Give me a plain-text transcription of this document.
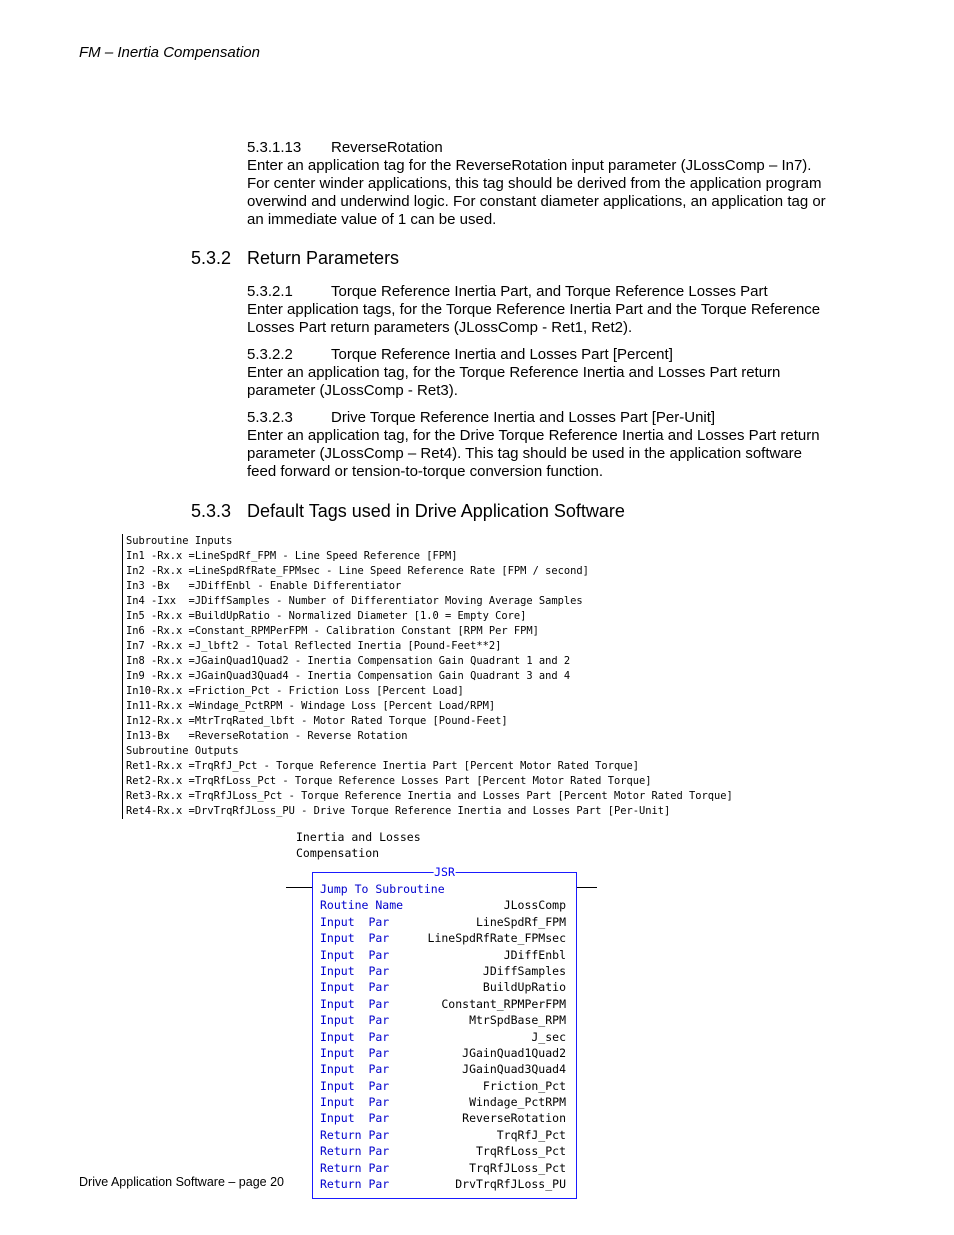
FM – Inertia Compensation
5.3.1.13 ReverseRotation
Enter an application tag for the ReverseRotation input parameter (JLossComp – In7). For center winder applications, this tag should be derived from the application program overwind and underwind logic. For constant diameter applications, an application tag or an immediate value of 1 can be used.
5.3.2 Return Parameters
5.3.2.1	Torque Reference Inertia Part, and Torque Reference Losses Part
Enter application tags, for the Torque Reference Inertia Part and the Torque Reference Losses Part return parameters (JLossComp - Ret1, Ret2).
5.3.2.2	Torque Reference Inertia and Losses Part [Percent]
Enter an application tag, for the Torque Reference Inertia and Losses Part return parameter (JLossComp - Ret3).
5.3.2.3	Drive Torque Reference Inertia and Losses Part [Per-Unit]
Enter an application tag, for the Drive Torque Reference Inertia and Losses Part return parameter (JLossComp – Ret4). This tag should be used in the application software feed forward or tension-to-torque conversion function.
5.3.3 Default Tags used in Drive Application Software
Subroutine Inputs
In1 -Rx.x =LineSpdRf_FPM - Line Speed Reference [FPM]
In2 -Rx.x =LineSpdRfRate_FPMsec - Line Speed Reference Rate [FPM / second]
In3 -Bx   =JDiffEnbl - Enable Differentiator
In4 -Ixx  =JDiffSamples - Number of Differentiator Moving Average Samples
In5 -Rx.x =BuildUpRatio - Normalized Diameter [1.0 = Empty Core]
In6 -Rx.x =Constant_RPMPerFPM - Calibration Constant [RPM Per FPM]
In7 -Rx.x =J_lbft2 - Total Reflected Inertia [Pound-Feet**2]
In8 -Rx.x =JGainQuad1Quad2 - Inertia Compensation Gain Quadrant 1 and 2
In9 -Rx.x =JGainQuad3Quad4 - Inertia Compensation Gain Quadrant 3 and 4
In10-Rx.x =Friction_Pct - Friction Loss [Percent Load]
In11-Rx.x =Windage_PctRPM - Windage Loss [Percent Load/RPM]
In12-Rx.x =MtrTrqRated_lbft - Motor Rated Torque [Pound-Feet]
In13-Bx   =ReverseRotation - Reverse Rotation
Subroutine Outputs
Ret1-Rx.x =TrqRfJ_Pct - Torque Reference Inertia Part [Percent Motor Rated Torque]
Ret2-Rx.x =TrqRfLoss_Pct - Torque Reference Losses Part [Percent Motor Rated Torque]
Ret3-Rx.x =TrqRfJLoss_Pct - Torque Reference Inertia and Losses Part [Percent Motor Rated Torque]
Ret4-Rx.x =DrvTrqRfJLoss_PU - Drive Torque Reference Inertia and Losses Part [Per-Unit]
Inertia and Losses
Compensation
JSR
Jump To Subroutine
Routine Name	JLossComp
Input  Par	LineSpdRf_FPM
Input  Par	LineSpdRfRate_FPMsec
Input  Par	JDiffEnbl
Input  Par	JDiffSamples
Input  Par	BuildUpRatio
Input  Par	Constant_RPMPerFPM
Input  Par	MtrSpdBase_RPM
Input  Par	J_sec
Input  Par	JGainQuad1Quad2
Input  Par	JGainQuad3Quad4
Input  Par	Friction_Pct
Input  Par	Windage_PctRPM
Input  Par	ReverseRotation
Return Par	TrqRfJ_Pct
Return Par	TrqRfLoss_Pct
Return Par	TrqRfJLoss_Pct
Return Par	DrvTrqRfJLoss_PU
Drive Application Software – page 20
